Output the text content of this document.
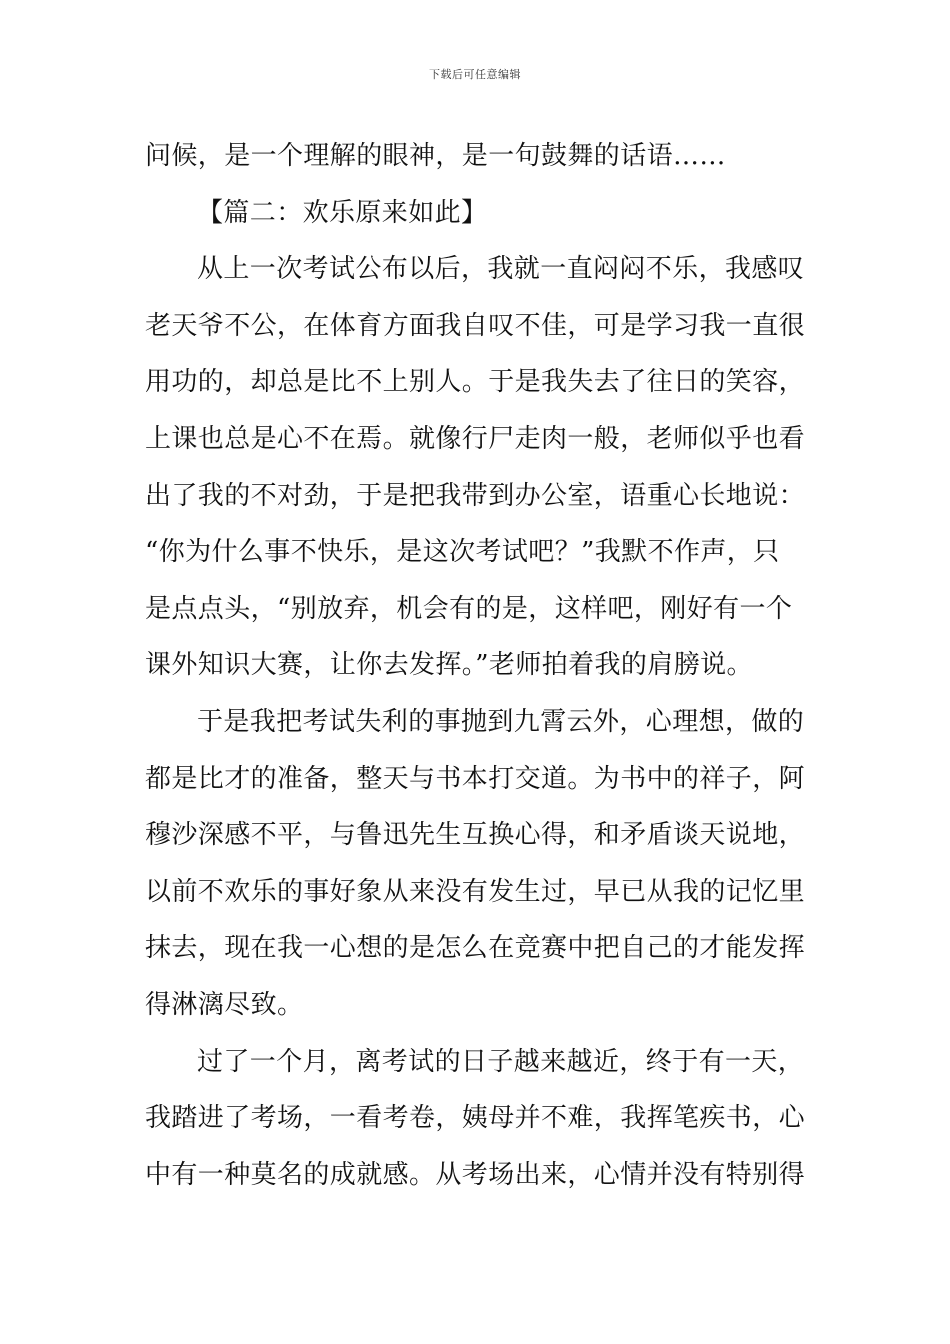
下载后可任意编辑
问候，是一个理解的眼神，是一句鼓舞的话语……
【篇二：欢乐原来如此】
从上一次考试公布以后，我就一直闷闷不乐，我感叹
老天爷不公，在体育方面我自叹不佳，可是学习我一直很
用功的，却总是比不上别人。于是我失去了往日的笑容，
上课也总是心不在焉。就像行尸走肉一般，老师似乎也看
出了我的不对劲，于是把我带到办公室，语重心长地说：
“你为什么事不快乐，是这次考试吧？”我默不作声，只
是点点头，“别放弃，机会有的是，这样吧，刚好有一个
课外知识大赛，让你去发挥。”老师拍着我的肩膀说。
于是我把考试失利的事抛到九霄云外，心理想，做的
都是比才的准备，整天与书本打交道。为书中的祥子，阿
穆沙深感不平，与鲁迅先生互换心得，和矛盾谈天说地，
以前不欢乐的事好象从来没有发生过，早已从我的记忆里
抹去，现在我一心想的是怎么在竞赛中把自己的才能发挥
得淋漓尽致。
过了一个月，离考试的日子越来越近，终于有一天，
我踏进了考场，一看考卷，姨母并不难，我挥笔疾书，心
中有一种莫名的成就感。从考场出来，心情并没有特别得
